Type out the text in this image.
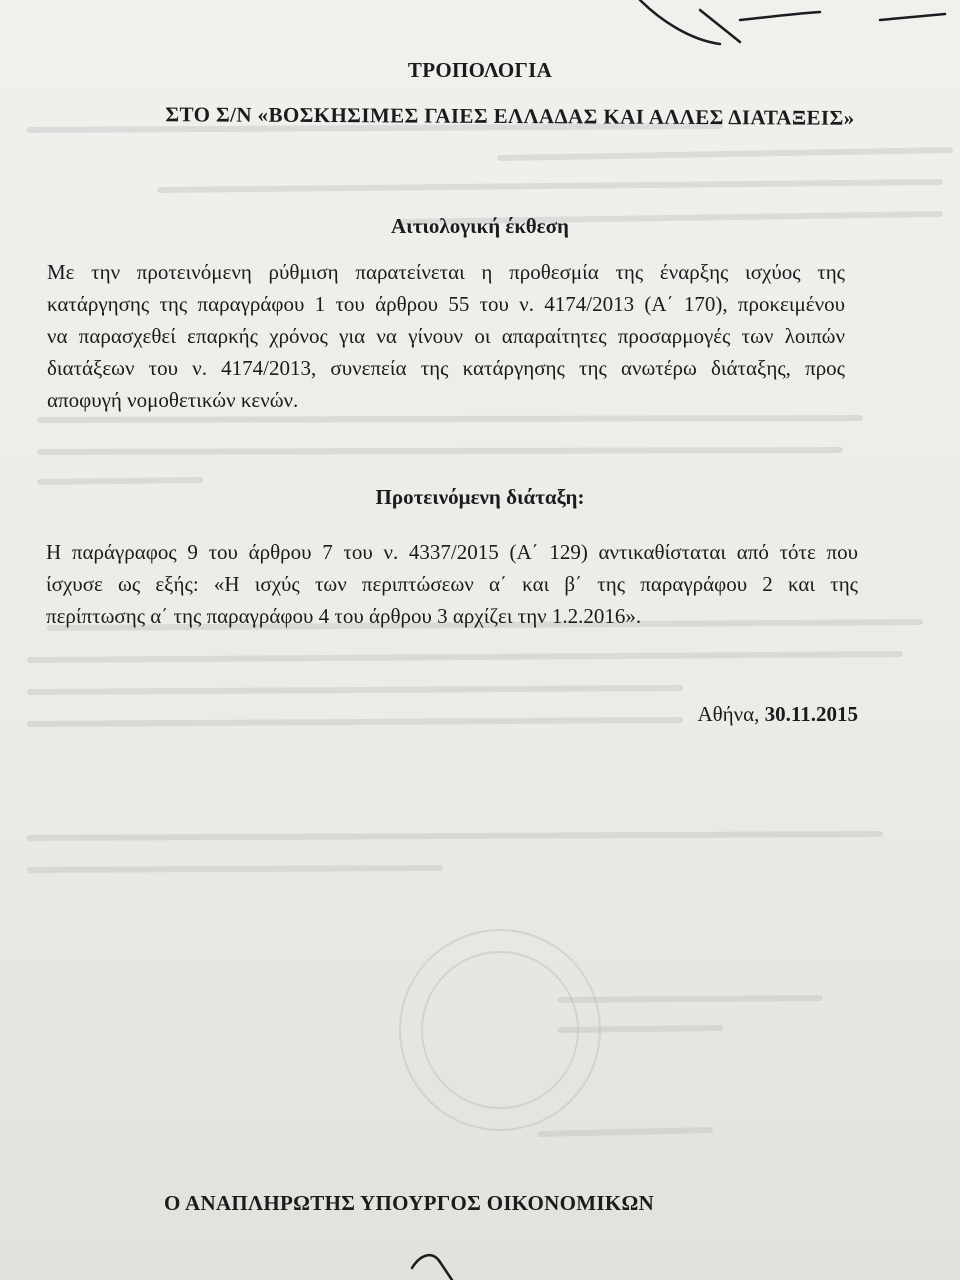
ΤΡΟΠΟΛΟΓΙΑ
ΣΤΟ Σ/Ν «ΒΟΣΚΗΣΙΜΕΣ ΓΑΙΕΣ ΕΛΛΑΔΑΣ ΚΑΙ ΑΛΛΕΣ ΔΙΑΤΑΞΕΙΣ»
Αιτιολογική έκθεση
Με την προτεινόμενη ρύθμιση παρατείνεται η προθεσμία της έναρξης ισχύος της
κατάργησης της παραγράφου 1 του άρθρου 55 του ν. 4174/2013 (Α΄ 170), προκειμένου
να παρασχεθεί επαρκής χρόνος για να γίνουν οι απαραίτητες προσαρμογές των λοιπών
διατάξεων του ν. 4174/2013, συνεπεία της κατάργησης της ανωτέρω διάταξης, προς
αποφυγή νομοθετικών κενών.
Προτεινόμενη διάταξη:
Η παράγραφος 9 του άρθρου 7 του ν. 4337/2015 (Α΄ 129) αντικαθίσταται από τότε που
ίσχυσε ως εξής: «Η ισχύς των περιπτώσεων α΄ και β΄ της παραγράφου 2 και της
περίπτωσης α΄ της παραγράφου 4 του άρθρου 3 αρχίζει την 1.2.2016».
Αθήνα, 30.11.2015
Ο ΑΝΑΠΛΗΡΩΤΗΣ ΥΠΟΥΡΓΟΣ ΟΙΚΟΝΟΜΙΚΩΝ
